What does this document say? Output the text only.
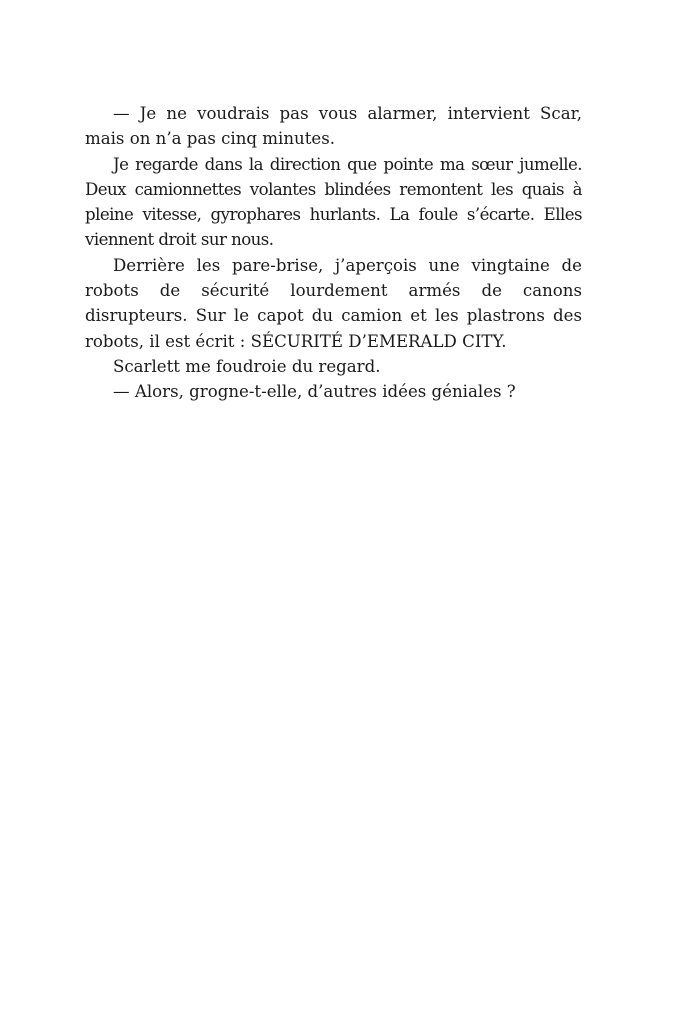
— Je ne voudrais pas vous alarmer, intervient Scar, mais on n’a pas cinq minutes.

Je regarde dans la direction que pointe ma sœur jumelle. Deux camionnettes volantes blindées remontent les quais à pleine vitesse, gyrophares hurlants. La foule s’écarte. Elles viennent droit sur nous.

Derrière les pare-brise, j’aperçois une vingtaine de robots de sécurité lourdement armés de canons disrupteurs. Sur le capot du camion et les plastrons des robots, il est écrit : SÉCURITÉ D’EMERALD CITY.

Scarlett me foudroie du regard.

— Alors, grogne-t-elle, d’autres idées géniales ?
